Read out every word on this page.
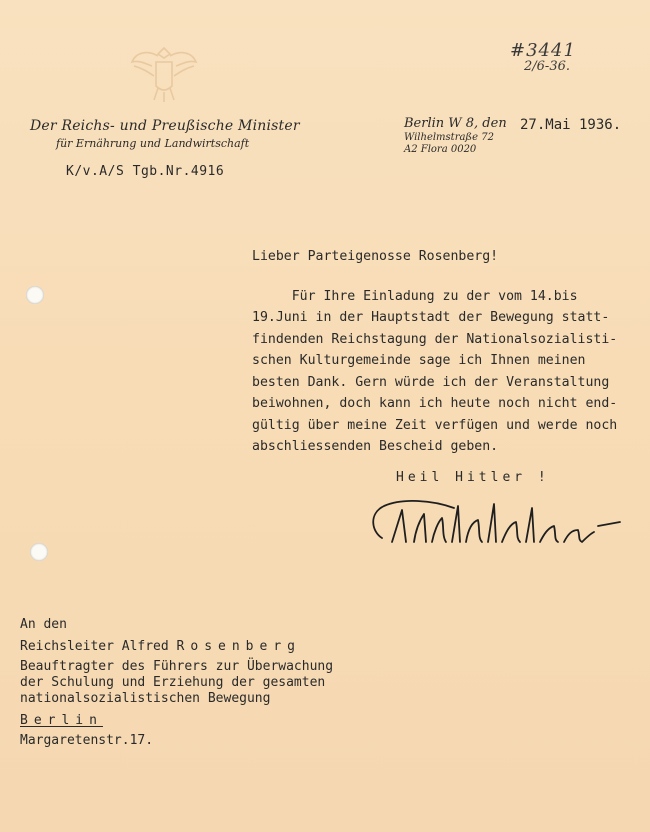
#3441
2/6-36.
Der Reichs- und Preußische Minister
für Ernährung und Landwirtschaft
K/v.A/S Tgb.Nr.4916
Berlin W 8, den
Wilhelmstraße 72
A2 Flora 0020
27.Mai 1936.
Lieber Parteigenosse Rosenberg!
Für Ihre Einladung zu der vom 14.bis
19.Juni in der Hauptstadt der Bewegung statt-
findenden Reichstagung der Nationalsozialisti-
schen Kulturgemeinde sage ich Ihnen meinen
besten Dank. Gern würde ich der Veranstaltung
beiwohnen, doch kann ich heute noch nicht end-
gültig über meine Zeit verfügen und werde noch
abschliessenden Bescheid geben.
Heil Hitler !
An den
Reichsleiter Alfred Rosenberg
Beauftragter des Führers zur Überwachung
der Schulung und Erziehung der gesamten
nationalsozialistischen Bewegung
Berlin
Margaretenstr.17.
